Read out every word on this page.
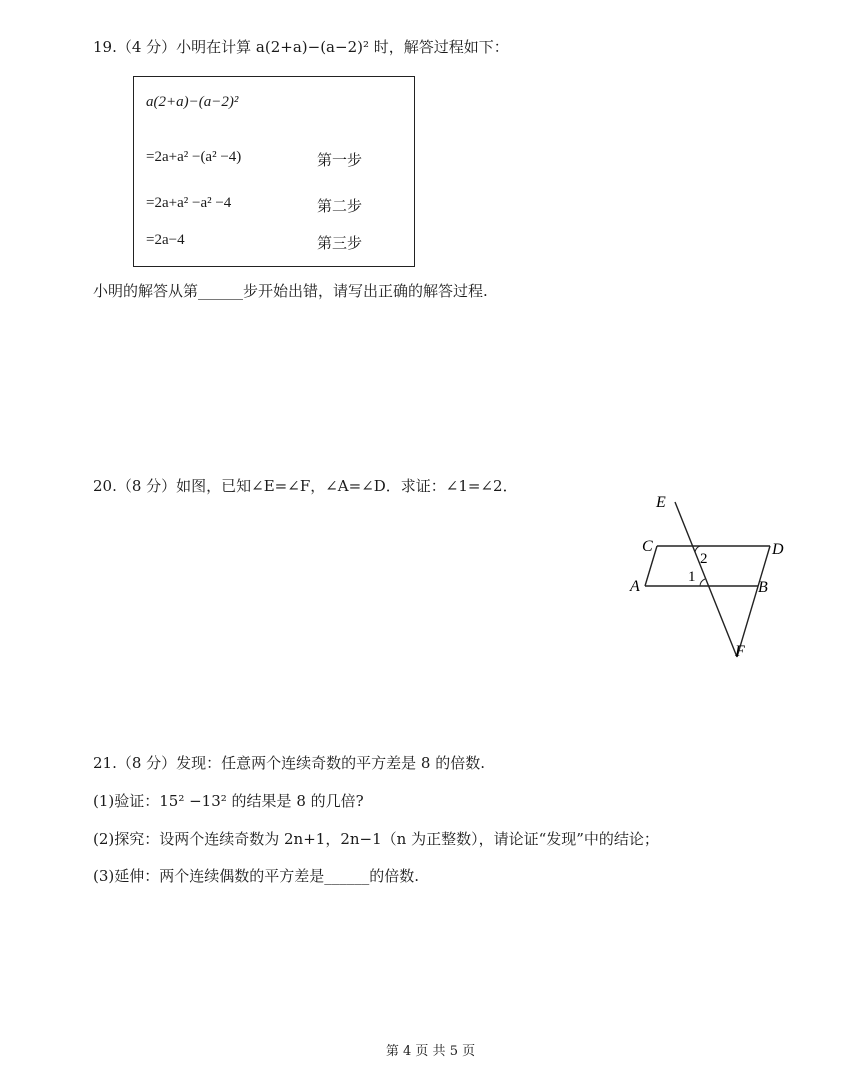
19.（4 分）小明在计算 a(2+a)−(a−2)² 时，解答过程如下：
a(2+a)−(a−2)²
=2a+a² −(a² −4)	第一步
=2a+a² −a² −4	第二步
=2a−4	第三步
小明的解答从第______步开始出错，请写出正确的解答过程.
20.（8 分）如图，已知∠E=∠F，∠A=∠D．求证：∠1=∠2．
E
C	D
A	B
F
1
2
21.（8 分）发现：任意两个连续奇数的平方差是 8 的倍数.
(1)验证：15² −13² 的结果是 8 的几倍?
(2)探究：设两个连续奇数为 2n+1，2n−1（n 为正整数），请论证“发现”中的结论；
(3)延伸：两个连续偶数的平方差是______的倍数.
第 4 页 共 5 页
